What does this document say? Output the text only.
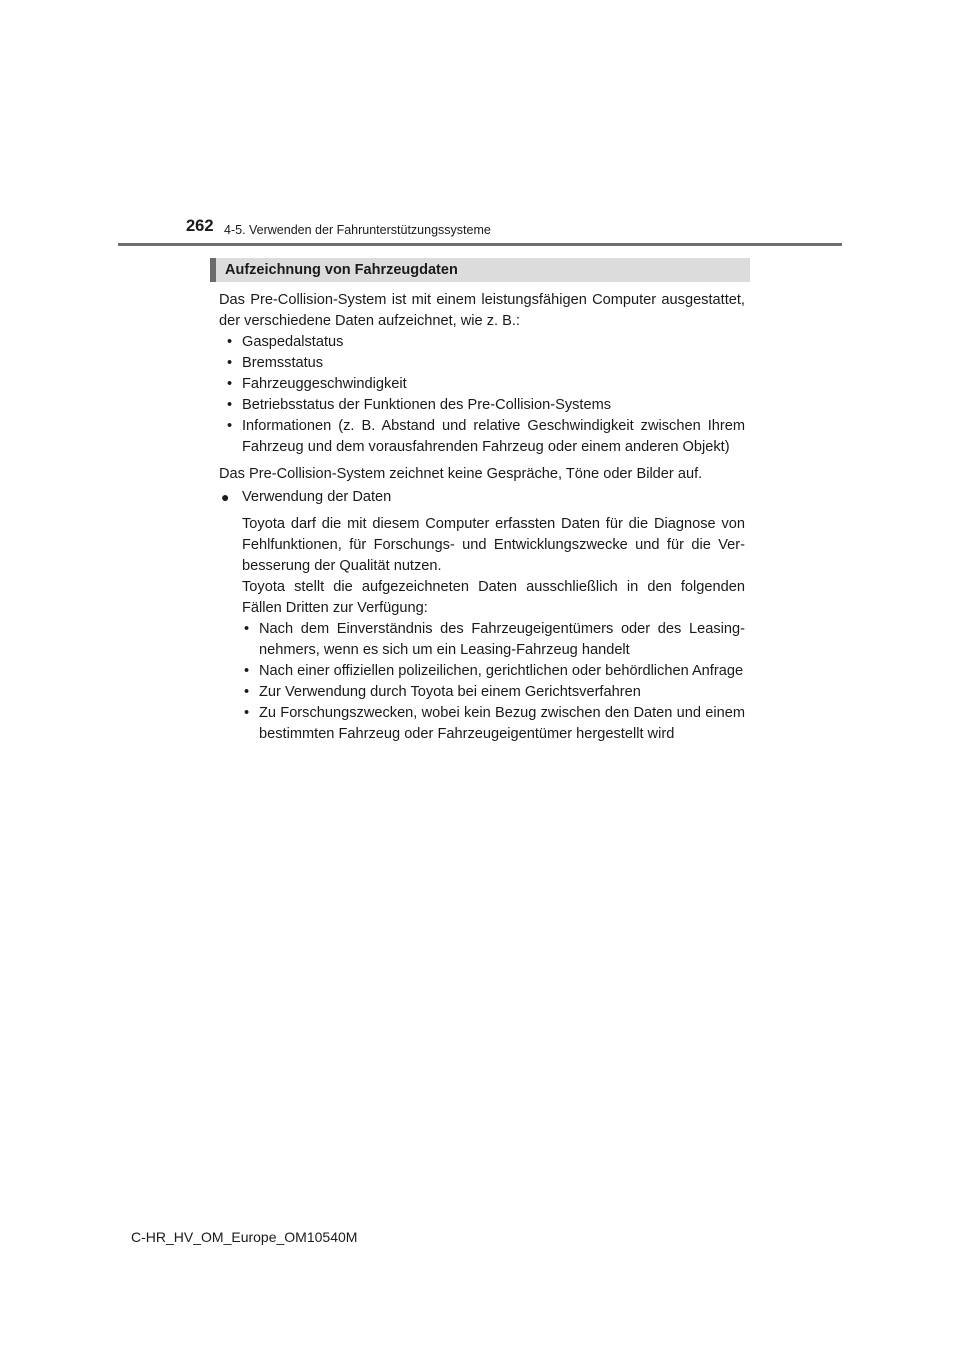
262 4-5. Verwenden der Fahrunterstützungssysteme
Aufzeichnung von Fahrzeugdaten

Das Pre-Collision-System ist mit einem leistungsfähigen Computer ausgestattet, der verschiedene Daten aufzeichnet, wie z. B.:

• Gaspedalstatus
• Bremsstatus
• Fahrzeuggeschwindigkeit
• Betriebsstatus der Funktionen des Pre-Collision-Systems
• Informationen (z. B. Abstand und relative Geschwindigkeit zwischen Ihrem Fahrzeug und dem vorausfahrenden Fahrzeug oder einem anderen Objekt)

Das Pre-Collision-System zeichnet keine Gespräche, Töne oder Bilder auf.

● Verwendung der Daten

Toyota darf die mit diesem Computer erfassten Daten für die Diagnose von Fehlfunktionen, für Forschungs- und Entwicklungszwecke und für die Verbesserung der Qualität nutzen.

Toyota stellt die aufgezeichneten Daten ausschließlich in den folgenden Fällen Dritten zur Verfügung:

• Nach dem Einverständnis des Fahrzeugeigentümers oder des Leasingnehmers, wenn es sich um ein Leasing-Fahrzeug handelt
• Nach einer offiziellen polizeilichen, gerichtlichen oder behördlichen Anfrage
• Zur Verwendung durch Toyota bei einem Gerichtsverfahren
• Zu Forschungszwecken, wobei kein Bezug zwischen den Daten und einem bestimmten Fahrzeug oder Fahrzeugeigentümer hergestellt wird
C-HR_HV_OM_Europe_OM10540M
